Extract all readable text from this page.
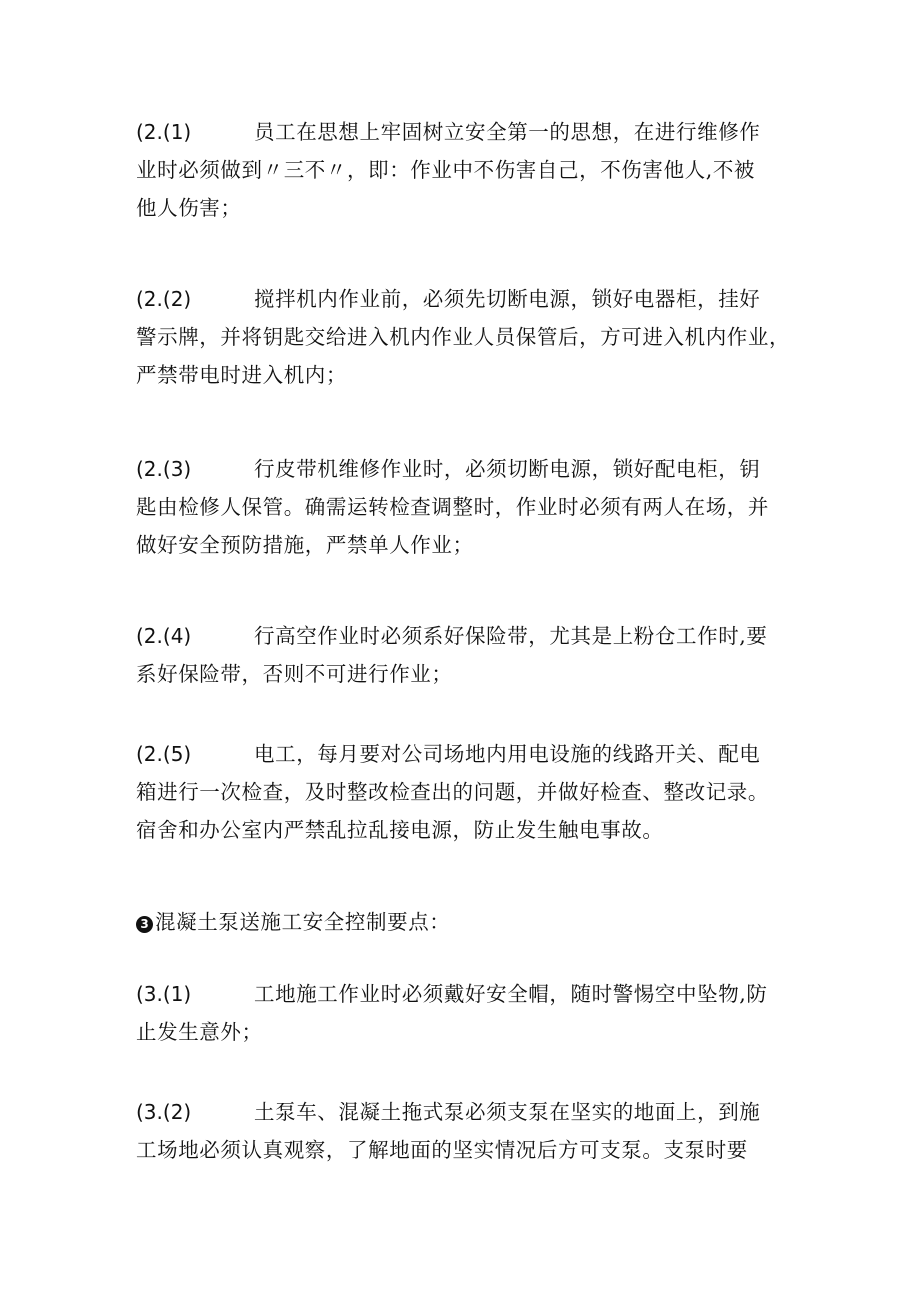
(2.(1)	员工在思想上牢固树立安全第一的思想，在进行维修作
业时必须做到〃三不〃，即：作业中不伤害自己，不伤害他人,不被
他人伤害；
(2.(2)	搅拌机内作业前，必须先切断电源，锁好电器柜，挂好
警示牌，并将钥匙交给进入机内作业人员保管后，方可进入机内作业，
严禁带电时进入机内；
(2.(3)	行皮带机维修作业时，必须切断电源，锁好配电柜，钥
匙由检修人保管。确需运转检查调整时，作业时必须有两人在场，并
做好安全预防措施，严禁单人作业；
(2.(4)	行高空作业时必须系好保险带，尤其是上粉仓工作时,要
系好保险带，否则不可进行作业；
(2.(5)	电工，每月要对公司场地内用电设施的线路开关、配电
箱进行一次检查，及时整改检查出的问题，并做好检查、整改记录。
宿舍和办公室内严禁乱拉乱接电源，防止发生触电事故。
3 混凝土泵送施工安全控制要点：
(3.(1)	工地施工作业时必须戴好安全帽，随时警惕空中坠物,防
止发生意外；
(3.(2)	土泵车、混凝土拖式泵必须支泵在坚实的地面上，到施
工场地必须认真观察，了解地面的坚实情况后方可支泵。支泵时要
